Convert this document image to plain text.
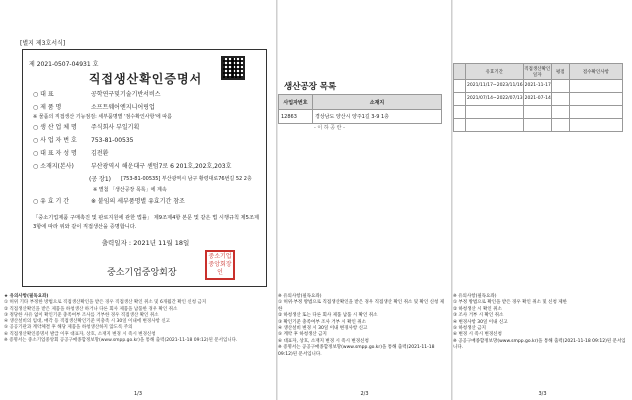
[별지 제3호서식]
제 2021-0507-04931 호
직접생산확인증명서
○ 대 표	공학연구및기술기반서비스
○ 제 품 명	소프트웨어엔지니어링업
※ 물품의 직접생산 기능점검: 세부품명별 '점수확인사항'에 따름
○ 생 산 업 체 명	주식회사 부일기획
○ 사 업 자 번 호	753-81-00535
○ 대 표 자 성 명	김전환
○ 소재지(본사)	부산광역시 해운대구 센텀7로 6 201호,202호,203호
(공 장1)	[753-81-00535] 부산광역시 남구 황령대로76번길 52 2층
※ 별첨 「생산공장 목록」에 계속
○ 유 효 기 간	※ 붙임의 세부품명별 유효기간 참조
「중소기업제품 구매촉진 및 판로지원에 관한 법률」 제9조제4항 본문 및 같은 법 시행규칙 제5조제3항에 따라 위와 같이 직접생산을 증명합니다.
출력일자 : 2021년 11월 18일
중소기업중앙회장
중소기업중앙회장인
★ 유의사항(필독요좌)
① 허위 기타 부정한 방법으로 직접생산확인을 받은 경우 직접생산 확인 취소 및 6개월간 확인 신청 금지
② 직접생산확인을 받은 제품을 하청생산 하거나 다른 회사 제품을 납품한 경우 확인 취소
③ 정당한 사유 없이 확인기준 충족여부 조사를 거부한 경우 직접생산 확인 취소
④ 생산설비의 임대, 매각 등 직접생산확인기준 미충족 시 30일 이내에 변경사항 신고
⑤ 공공기관과 계약체결 후 해당 제품을 하청생산하지 않도록 주의
⑥ 직접생산확인증명서 발급 이후 대표자, 상호, 소재지 변경 시 즉시 변경신청
※ 증명서는 중소기업중앙회 공공구매종합정보망(www.smpp.go.kr)을 통해 출력(2021-11-18 09:12)된 문서입니다.
1/3
생산공장 목록
사업자번호	소재지
12863	경상남도 양산시 양주1길 3-9 1층
- 이 하 공 란 -
※ 유의사항(필독요좌)
① 허위·부정 방법으로 직접생산확인을 받은 경우 직접생산 확인 취소 및 확인 신청 제한
② 하청생산 또는 다른 회사 제품 납품 시 확인 취소
③ 확인기준 충족여부 조사 거부 시 확인 취소
④ 생산설비 변경 시 30일 이내 변경사항 신고
⑤ 계약 후 하청생산 금지
⑥ 대표자, 상호, 소재지 변경 시 즉시 변경신청
※ 증명서는 공공구매종합정보망(www.smpp.go.kr)을 통해 출력(2021-11-18 09:12)된 문서입니다.
2/3
	유효기간	직접생산확인일자	평점	점수확인사항
	2021/11/17~2023/11/16	2021-11-17		
	2021/07/14~2022/07/13	2021-07-14		

※ 유의사항(필독요좌)
① 부정 방법으로 확인을 받은 경우 확인 취소 및 신청 제한
② 하청생산 시 확인 취소
③ 조사 거부 시 확인 취소
④ 변경사항 30일 이내 신고
⑤ 하청생산 금지
⑥ 변경 시 즉시 변경신청
※ 공공구매종합정보망(www.smpp.go.kr)을 통해 출력(2021-11-18 09:12)된 문서입니다.
3/3
